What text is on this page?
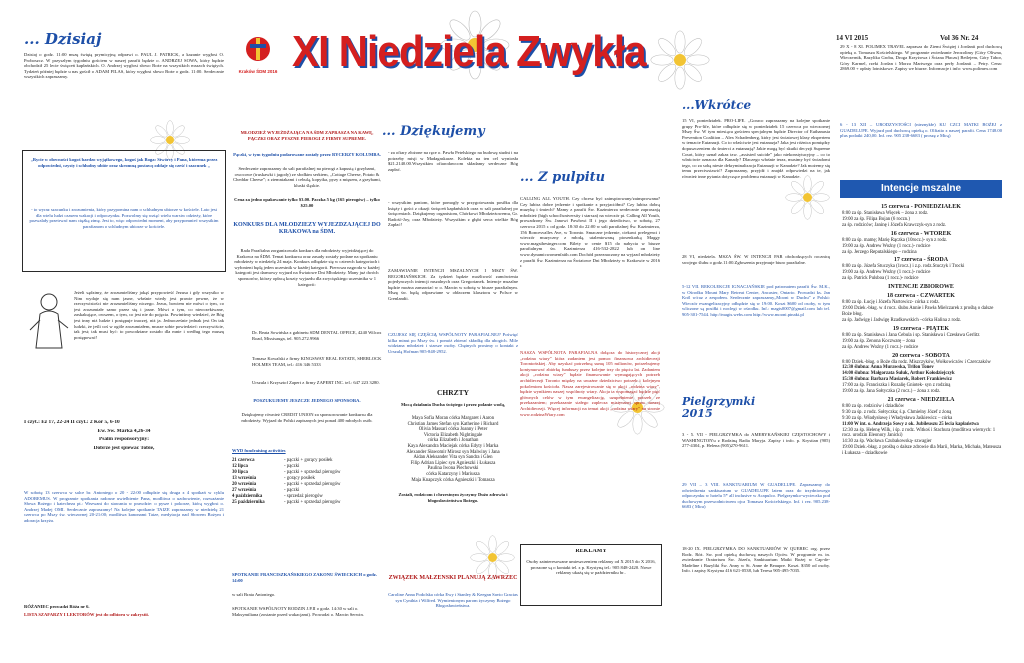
Kraków ŚDM 2016 XI Niedziela Zwykła	14 VI 2015	Vol 36 Nr. 24
... Dzisiaj
Dzisiaj o godz. 11:00 mszę świętą prymicyjną odprawi o. PAUL J. PATRICK, a kazanie wygłosi O. Proboszcz. W przyszłym tygodniu gościem w naszej parafii będzie o. ANDRZEJ SOWA, który będzie obchodził 25 lecie święceń kapłańskich. O. Andrzej wygłosi słowo Boże na wszystkich mszach świętych. Tydzień później będzie u nas gościł o ADAM FILAS, który wygłosi słowo Boże o godz. 11:00. Serdecznie wszystkich zapraszamy.
„Bycie w obecności kogoś bardzo wyjątkowego, kogoś jak Boga: Stwórcy i Pana, którema przez odpowiedni, czysty i schludny ubiór oraz skromną postawę oddaje się cześć i szacunek „
- to wyraz szacunku i zrozumienia, który przypomina nam o schludnym ubiorze w kościele. Lato jest dla wielu ludzi czasem wakacji i odpoczynku. Pozwolmy się wziąć wielu warstw odzieży, które pozwalały przetrwać nam ciężką zimę. Jest to, więc odpowiedni moment, aby przypomnieć wszystkim parafianom o schludnym ubiorze w kościele.
Jeżeli sądzimy, że zrozumieliśmy jakąś przypowieść Jezusa i gdy wszystko w Nim wydaje się nam jasne, właśnie wtedy jest prawie pewne, że w rzeczywistości nie zrozumieliśmy niczego. Jezus, bowiem nie mówi o tym, co jest zrozumiałe samo przez się i jasne. Mówi o tym, co nieoczekiwane, zaskakujące, owszem, o tym, co jest nie do pojęcia. Powiniśmy wiedzieć, że Bóg jest inny niż ludzie i postępuje inaczej, niż ja. Jednocześnie jednak jest On tak ludzki, że jeśli coś w ogóle zrozumiałem, musze sobie powiedzieć: rzeczywiście, tak jest; tak musi być: to powodziane zostało dla mnie i według tego muszę postępować!
I czyt.: Ez 17, 22-24 II czyt.: 2 Kor 5, 6-10
Ew. Św. Marka 4,26-34
Psalm responsoryjny:
Dobrze jest śpiewać Tobie,
W sobotę 13 czerwca w salce br. Antoniego o 20 - 22:00 odbędzie się druga z 4 spotkań w cyklu ADOREMUS. W programie spotkania radosne uwielbienie Pana, modlitwa o uzdrowienie, rozważanie Słowa Bożego i katecheza pt.: Wezwani do stawania w prawdzie: o pysze i pokorze, którą wygłosi o. Andrzej Madej OMI. Serdecznie zapraszamy! Na kolejne spotkanie TAIZE zapraszamy w niedzielę 21 czerwca po Mszy św. wieczornej 20-21:00; modlitwa kanonami Taize, medytacja nad Słowem Bożym i adoracja krzyża.
RÓŻANIEC prowadzi Róża nr 6.
LISTA SZAFARZY I LEKTORÓW jest do odbioru w zakrystii.
MŁODZIEŻ WYJEŻDŻAJĄCA NA ŚDM ZAPRASZA NA KAWĘ, PĄCZKI ORAZ PYSZNE PIEROGI Z FIRMY SUPREME.
Pączki, w tym tygodniu podarowane zostały przez RYCERZY KOLUMBA.
Serdecznie zapraszamy do sali parafialnej na pierogi z kapustą i grzybami, owocowe (truskawki i jagody) ze słodkim serkiem, „Cottage Cheese, Potato & Cheddar Cheese”; z ziemniakami i cebulą, kopytka, pyzy z mięsem, z grzybami, kluski śląskie.
Cena za jedno opakowanie tylko $3.00. Paczka 5 kg (165 pierogów) – tylko $25.00
KONKURS DLA MŁODZIEŻY WYJEŻDŻAJĄCEJ DO KRAKOWA na ŚDM.
Rada Parafialna zorganizowała konkurs dla młodzieży wyjeżdżającej do Krakowa na ŚDM. Temat konkursu oraz zasady zostały podane na spotkaniu młodzieży w niedzielę 24 maja. Konkurs odbędzie się w czterech kategoriach i wyłonieni będą jeden uczestnik w każdej kategorii. Pierwsza nagroda w każdej kategorii jest darmowy wyjazd na Światowe Dni Młodzieży. Many już dwóch sponsorów, którzy opłacą koszty wyjazdu dla zwycięskiego uczestnika w 1 kategorii:
Dr. Beata Sowińska z gabinetu SDM DENTAL OFFICE, 4240 Wilcox Road, Missisauga, tel. 905.272.9966
Tomasz Kowalski z firmy KINGSWAY REAL ESTATE, SHERLOCK HOLMES TEAM, tel.: 416 346 5333
Urszula i Krzysztof Zapert z firmy ZAPERT INC. tel.: 647 223 3280.
POSZUKUJEMY JESZCZE JEDNEGO SPONSORA.
Dziękujemy również CREDIT UNION za sponsorowanie konkursu dla młodzieży. Wyjazd do Polski zapisanych jest ponad 400 młodych osób.
WYD fundraising activities
21 czerwca	- pączki + gorący posiłek
12 lipca	- pączki
30 lipca	- pączki + sprzedaż pierogów
13 września	- gorący posiłek
20 września	- pączki + sprzedaż pierogów
27 września	- pączki
4 października	- sprzedaż pierogów
25 października	- pączki + sprzedaż pierogów
SPOTKANIE FRANCISZKAŃSKIEGO ZAKONU ŚWIECKICH o godz. 14:00
w sali Brata Antoniego.
SPOTKANIE WSPÓLNOTY RODZIN J.P.II o godz. 14:30 w sali o. Maksymiliana (zostanie przed wakacjami). Prowadzi o. Marcin Serwin.
... Dziękujemy
- za ofiary złożone na ręce o. Pawła Petelskiego na budowę studni i na potrzeby misji w Madagaskarze. Kolekta na ten cel wyniosła $21.2140.00.Wszystkim ofiarodawcom składamy serdeczne Bóg zapłać.
- wszystkim paniom, które pomogły w przygotowaniu posiłku dla księży i gości z okazji święceń kapłańskich oraz w sali parafialnej po święceniach. Dziękujemy organistom, Chórkowi Młodzieżowemu, Gr. Radość-Joy, oraz Młodzieży. Wszystkim z głębi serca wielkie Bóg Zapłać!
ZAMAWIANIE INTENCJI MSZALNYCH I MSZY ŚW. REGORIAŃSKICH. Za tydzień będzie możliwość zamówienia pojedynczych intencji mszalnych oraz Gregorianek. Intencje mszalne będzie można zamawiać w o. Marcin w sobotę w biurze parafialnym. Mszę św. będą odprawiane w obłaczem klasztoru w Polsce w Grenlandii.
CZUJESZ SIĘ CZĘŚCIĄ WSPÓLNOTY PARAFIALNEJ? Poświęć kilka minut po Mszy św. i pomóż zbierać składkę dla ubogich. Mile widziana młodzież i starsze osoby. Chętnych prosimy o kontakt z Urszulą Hofman 905-848-2952.
CHRZTY
Mocą działania Ducha świętego i przez polanie wodą,
Maya Sofia Moran córka Margaret i Aaron
Christian James Stefan syn Katherine i Richard
Olivia Massari córka Joanny i Peter
Victoria Elizabeth Nightingale
córka Elizabeth i Jonathan
Kaya Alexandra Maciejak córka Edyty i Marka
Alexander Sławomir Mirosz syn Malwiny i Jana
Aidan Aleksander Vita syn Sandra i Glen
Filip Adrian Lipiec syn Agnieszki i Łukasza
Paulina Iwona Piechowski
córka Katarzyny i Mariusza
Maja Knapczyk córka Agnieszki i Tomasza
Zostali, rodzicom i chrzestnym życzymy Dużo zdrowia i błogosławieństwa Bożego.
ZWIĄZEK MAŁŻEŃSKI PLANUJĄ ZAWRZEĆ
Caroline Anna Podolska córka Ewy i Stanley & Keegan Savio Gracias syn Cynthia i Wilfred. Wymienionym parom życzymy Bożego Błogosławieństwa.
... Z pulpitu
CALLING ALL YOUTH. Czy chcesz być zainspirowany/zainsprowana? Czy lubisz dobre jedzenie i spotkanie z przyjaciółmi? Czy lubisz dobrą muzykę i śmiech? Mamy z parafii Św. Kazimierza serdecznie zapraszają młodzież (high school/university i starsza) na wieczór pt. Calling All Youth, prowadzony Św. Janowi Pawłowi II i jego dziedictwo, w sobotę, 27 czerwca 2015 r. od godz. 18:30 do 22:00 w sali parafialnej Św. Kazimierza, 156 Roncesvalles Ave, w Toronto. Smaczne jedzenie, ciekawi prelegenci i wieczór muzyczny z młodą, utalentowaną piosenkarką Maggy www.magsthesinger.com Bilety w cenie $15 do nabycia w biurze parafialnym św. Kazimierza 416-532-2822 lub on line www.dynamicwomenfaith.com Dochód przeznaczony na wyjazd młodzieży z parafii Św. Kazimierza na Światowe Dni Młodzieży w Krakowie w 2016 r.
NASZA WSPÓLNOTA PARAFIALNA dołącza do historycznej akcji „rodzina wiary” która zadaniem jest pomoc finansowa archidiecezji Torontońskiej. Aby uzyskać potrzebną sumę 105 milionów, potrzebujemy kontynuować zbiórkę funduszy przez kolejne trzy do pięciu lat. Zadaniem akcji „rodzina wiary” będzie finansowanie wymagających potrzeb archidiecezji Toronto między na uważne dziedzictwo potrzeb i kolejnym pokoleniom kościoła. Nasza zarejestrowanie się w akcji „rodzina wiary”, będzie wynikiem naszej wspólnoty wiary. Akcja ta wspomagać będzie pięć głównych celów w tym ewangelizację, uzupełnienie potrzeb ze przekazaniem; przekazanie stałego zaplecza mistycznej spraw naszej Archidiecezji. Więcej informacji na temat akcji „rodzina wiary” na stronie www.rodzinaWiary.com
REKLAMY
Osoby zainteresowane umieszczeniem reklamy od X 2015 do X 2016, proszone są o kontakt tel. z p. Krystyną tel.: 905 848-2420. Nowe reklamy ukażą się w październiku br..
...Wkrótce
15 VI, poniedziałek. PRO-LIFE. „Goraco zapraszamy na kolejne spotkanie grupy Pro-life, które odbędzie się w poniedziałek 15 czerwca po wieczornej Mszy Św. W tym miesiącu gościem specjalnym będzie Director of Euthanasia Prevention Coalition – Alex Schadenberg, który jest światowej klasy ekspertem w temacie Eutanazji. Co to właściwie jest eutanazja? Jaka jest różnica pomiędzy dopuszczeniem do śmierci a eutanazją? Jakie mogą być skutki decyzji Supreme Court, który uznał zakaz tzw. „assisted suicide” jako niekonstytucyjny – co to właściwie oznacza dla Kanady? Dlaczego właśnie teraz, musimy być świadomi tego, co za sobą niesie dekryminalizacja Eutanazji w Kanadzie? Jak możemy się temu przeciwstawić? Zapraszamy, przyjdź i znajdź odpowiedzi na te, jak również inne pytania dotyczące problemu eutanazji w Kanadzie.
28 VI, niedziela. MSZA ŚW. W INTENCJI PAR obchodzących rocznicę swojego ślubu o godz.11:00.Zgłoszenia przyjmuje biuro parafialne.
5-12 VII. REKOLEKCJE IGNACJAŃSKIE pod patronatem parafii Św. M.K., w Ośrodku Mount Mary Retreat Centre, Ancaster, Ontario. Prowadzi ks. Jan Król w/raz z zespołem. Serdecznie zapraszamy„Mooni w Duchu” z Polski: Wieczór ewangelizacyjny odbędzie się w 19:00. Koszt $600 od osoby, w tym wliczone są posiłki i noclegi w ośrodku. Inf.: magis0007@gmail.com lub tel. 905-301-7544. http://magis.webs.com http://www.mooni.pinaki.pl
Pielgrzymki 2015
3 - 5. VII - PIELGRZYMKA do AMERYKAŃSKIEJ CZĘSTOCHOWY i WASHINGTON'u z Rodziną Radia Maryja. Zapisy i info. p. Krystian (905) 277-4304, p. Helena (905)270-9611.
29 VII – 3 VIII. SANKTUARIUM W GUADELUPE. Zapraszamy do odwiedzenia sanktuarium w GUADELUPE latem oraz do trzydniowego odpoczynku w hotelu 5* all inclusive w Acapulco. Pielgrzymko-wycieczka pod duchowym przewodnictwem ojca Tomasza Kościelskiego. Inf. i rez. 905.238-6683 ( Mira)
18-20 IX. PIELGRZYMKA DO SANKTUARIÓW W QUEBEC org. przez Rodz. Róż. Sw. pod opieką duchową naszych Ojców. W programie m. in. zwiedzanie Oratorium Św. Józefa, Sanktuarium Matki Bożej w Cap-de-Madeline i Bazyliki Św. Anny w St. Anne de Beaupre. Koszt. $350 od osoby. Info. i zapisy Krystyna 416 621-0538, lub Teresa 905-495-7035.
29 X - 8 XI. POLIMEX TRAVEL zaprasza do Ziemi Świętej i Jordanii pod duchową opieką o. Tomasza Kościelskiego. W programie zwiedzanie Jerozolimy (Góry Oliwna, Wieczernik, Bazylika Grobu, Droga Krzyżowa i Ściana Płaczu) Betlejem, Góry Tabor, Góry Karmel, rzeki Jordan i Morza Martwego oraz perły Jordanii – Petry. Cena: 2869.00 + opłaty lotniskowe. Zapisy we biurze. Informacje i info: www.polimex.com
6 - 13 XII – URODZYSTOŚCI (nieznykłe) KU CZCI MATKI BOŻEJ z GUADELUPE. Wyjazd pod duchową opieką o. Olfiatio z naszej parafii. Cena 1748.00 plus podatki 240,00. Inf. rez. 905 238-6683 ( proszę z Mirą)
Intencje mszalne
15 czerwca - PONIEDZIAŁEK
8:00 za śp. Stanisława Więcek – żona z rodz.
19:00 za śp. Filipa Bojan (6 roczn.)
za śp. rodziców; Janinę i Józefa Krawczyk-syn z rodz.
16 czerwca - WTOREK
8:00 za śp. mamę; Marię Rączka (10rocz.)- syn z rodz.
19:00 za śp. Andrew Woźny (1 rocz.)- rodzice
za śp. Jerzego Reputalskiego – rodzina
17 czerwca - ŚRODA
8:00 za śp. Józefa Stuczyka (1rocz.) i z.p. rodz.Stuczyk i Trocki
19:00 za śp. Andrew Woźny (1 rocz.)- rodzice
za śp. Patrick Pulsboa (1 rocz.)- rodzice
INTENCJE ZBIOROWE
18 czerwca - CZWARTEK
8:00 za śp. Łucję i Józefa Nartowicz- córka z rodz.
19:00 Dziek.-błag. w 4 rocz. ślubu Annie i Pawła Mielczarek z prośbą o dalsze Boże błog.
za śp. Jadwigę i Jadwigę Rzadkowskich –córka Halina z rodz.
19 czerwca - PIĄTEK
8:00 za śp. Stanisława i Jana Cebula i sp. Stanisława i Czesława Gerlitz
19:00 za śp. Zenona Koczwarę – żona
za śp. Andrew Woźny (1 rocz.)- rodzice
20 czerwca - SOBOTA
8:00 Dziek.-błag. o Boże dla rodz. Miszczyków, Wołkowiczów i Czerczaków
12:30 ślubna: Anna Murawska, Trifon Tonev
14:00 ślubna: Małgorzata Suluk, Arthur Kołodziejczyk
15:30 ślubna: Barbara Masiarek, Robert Frankiewicz
17:00 za śp. Franciszka i Rozalię Gniotek- syn z rodziną
19:00 za śp. Jana Sołtyczka (2 rocz.) – żona z rodz.
21 czerwca - NIEDZIELA
8:00 za śp. rodziców i dziadków
9:30 za śp. z rodz. Sołtyczka; ś.p. Chmielny Józef z żoną
9:30 za śp. Władysławę i Władysława Jaśkiewicz – córka
11:00 W int. o. Andrzeja Sowy z ok. Jubileuszu 25 lecia kapłaństwa
12:30 za śp. Helenę Wilk, i śp. z rodz. Witkoś i Stachura (modlitwa wiernych: 1 rocz. urodzin Eleonory Janicki)
14:30 za śp. Wacława Czubakowską- szwagier
19:00 Dziek.-błag. z prośbą o dalsze zdrowie dla Marii, Marka, Michała, Mateusza i Łukasza – dziadkowie
